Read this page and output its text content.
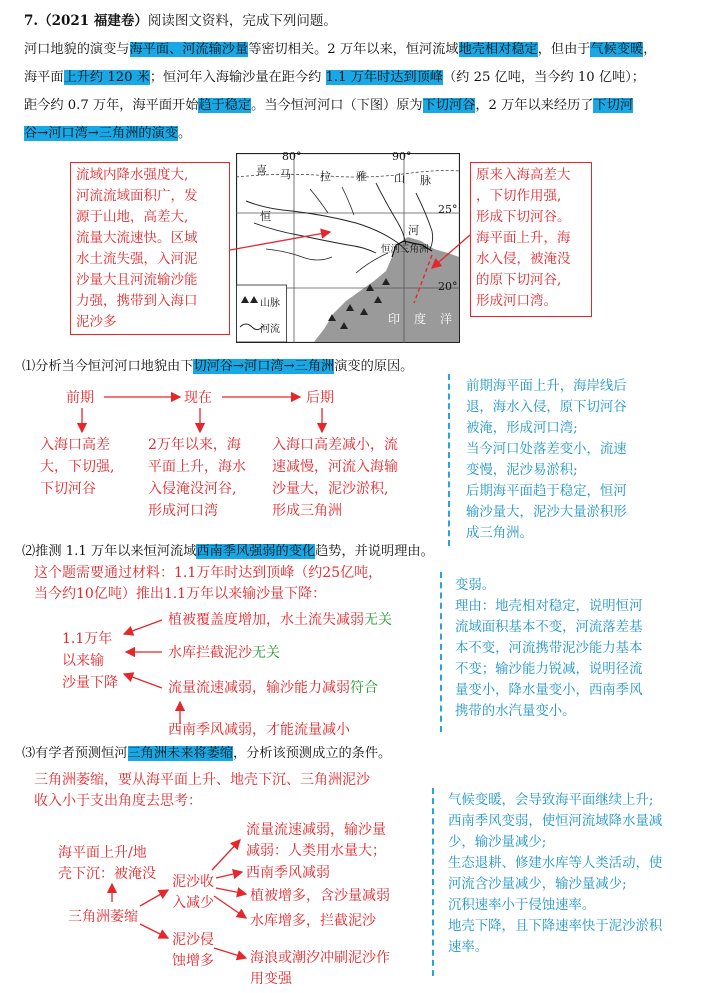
7.（2021 福建卷）阅读图文资料，完成下列问题。
河口地貌的演变与海平面、河流输沙量等密切相关。2 万年以来，恒河流域地壳相对稳定，但由于气候变暖，
海平面上升约 120 米；恒河年入海输沙量在距今约 1.1 万年时达到顶峰（约 25 亿吨，当今约 10 亿吨）；
距今约 0.7 万年，海平面开始趋于稳定。当今恒河河口（下图）原为下切河谷，2 万年以来经历了下切河
谷→河口湾→三角洲的演变。
流域内降水强度大,
河流流域面积广，发
源于山地，高差大,
流量大流速快。区域
水土流失强，入河泥
沙量大且河流输沙能
力强，携带到入海口
泥沙多
原来入海高差大
，下切作用强,
形成下切河谷。
海平面上升，海
水入侵，被淹没
的原下切河谷,
形成河口湾。
80°	90°
25°
20°
喜 马	拉 雅 山 脉
恒
河
恒河三角洲
印 度 洋
山脉
河流
⑴分析当今恒河河口地貌由下切河谷→河口湾→三角洲演变的原因。
前期	现在	后期
入海口高差
大，下切强,
下切河谷
2万年以来，海
平面上升，海水
入侵淹没河谷,
形成河口湾
入海口高差减小，流
速减慢，河流入海输
沙量大，泥沙淤积,
形成三角洲
前期海平面上升，海岸线后
退，海水入侵，原下切河谷
被淹，形成河口湾;
当今河口处落差变小，流速
变慢，泥沙易淤积;
后期海平面趋于稳定，恒河
输沙量大，泥沙大量淤积形
成三角洲。
⑵推测 1.1 万年以来恒河流域西南季风强弱的变化趋势，并说明理由。
这个题需要通过材料：1.1万年时达到顶峰（约25亿吨，
当今约10亿吨）推出1.1万年以来输沙量下降：
1.1万年
以来输
沙量下降
植被覆盖度增加，水土流失减弱无关
水库拦截泥沙无关
流量流速减弱，输沙能力减弱符合
西南季风减弱，才能流量减小
变弱。
理由：地壳相对稳定，说明恒河
流域面积基本不变，河流落差基
本不变，河流携带泥沙能力基本
不变；输沙能力锐减，说明径流
量变小，降水量变小，西南季风
携带的水汽量变小。
⑶有学者预测恒河三角洲未来将萎缩，分析该预测成立的条件。
三角洲萎缩，要从海平面上升、地壳下沉、三角洲泥沙
收入小于支出角度去思考：
海平面上升/地
壳下沉：被淹没
三角洲萎缩
泥沙收
入减少
泥沙侵
蚀增多
流量流速减弱，输沙量
减弱：人类用水量大；
西南季风减弱
植被增多，含沙量减弱
水库增多，拦截泥沙
海浪或潮汐冲刷泥沙作
用变强
气候变暖，会导致海平面继续上升;
西南季风变弱，使恒河流域降水量减
少，输沙量减少;
生态退耕、修建水库等人类活动，使
河流含沙量减少，输沙量减少;
沉积速率小于侵蚀速率。
地壳下降，且下降速率快于泥沙淤积
速率。
